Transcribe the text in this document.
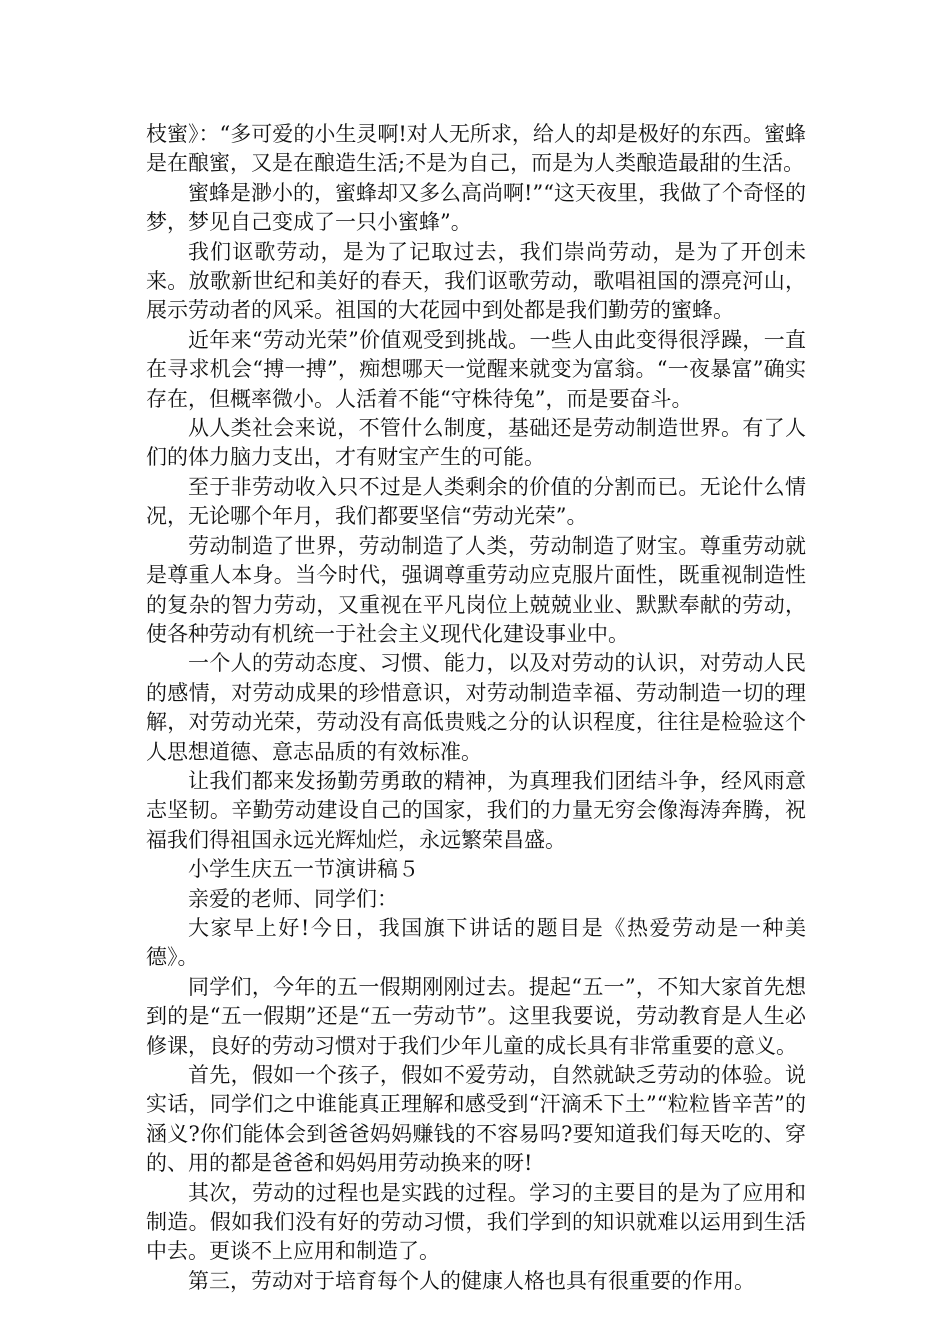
枝蜜》：“多可爱的小生灵啊!对人无所求，给人的却是极好的东西。蜜蜂是在酿蜜，又是在酿造生活;不是为自己，而是为人类酿造最甜的生活。

蜜蜂是渺小的，蜜蜂却又多么高尚啊!”“这天夜里，我做了个奇怪的梦，梦见自己变成了一只小蜜蜂”。

我们讴歌劳动，是为了记取过去，我们崇尚劳动，是为了开创未来。放歌新世纪和美好的春天，我们讴歌劳动，歌唱祖国的漂亮河山，展示劳动者的风采。祖国的大花园中到处都是我们勤劳的蜜蜂。

近年来“劳动光荣”价值观受到挑战。一些人由此变得很浮躁，一直在寻求机会“搏一搏”，痴想哪天一觉醒来就变为富翁。“一夜暴富”确实存在，但概率微小。人活着不能“守株待兔”，而是要奋斗。

从人类社会来说，不管什么制度，基础还是劳动制造世界。有了人们的体力脑力支出，才有财宝产生的可能。

至于非劳动收入只不过是人类剩余的价值的分割而已。无论什么情况，无论哪个年月，我们都要坚信“劳动光荣”。

劳动制造了世界，劳动制造了人类，劳动制造了财宝。尊重劳动就是尊重人本身。当今时代，强调尊重劳动应克服片面性，既重视制造性的复杂的智力劳动，又重视在平凡岗位上兢兢业业、默默奉献的劳动，使各种劳动有机统一于社会主义现代化建设事业中。

一个人的劳动态度、习惯、能力，以及对劳动的认识，对劳动人民的感情，对劳动成果的珍惜意识，对劳动制造幸福、劳动制造一切的理解，对劳动光荣，劳动没有高低贵贱之分的认识程度，往往是检验这个人思想道德、意志品质的有效标准。

让我们都来发扬勤劳勇敢的精神，为真理我们团结斗争，经风雨意志坚韧。辛勤劳动建设自己的国家，我们的力量无穷会像海涛奔腾，祝福我们得祖国永远光辉灿烂，永远繁荣昌盛。

小学生庆五一节演讲稿５

亲爱的老师、同学们：

大家早上好!今日，我国旗下讲话的题目是《热爱劳动是一种美德》。

同学们，今年的五一假期刚刚过去。提起“五一”，不知大家首先想到的是“五一假期”还是“五一劳动节”。这里我要说，劳动教育是人生必修课，良好的劳动习惯对于我们少年儿童的成长具有非常重要的意义。

首先，假如一个孩子，假如不爱劳动，自然就缺乏劳动的体验。说实话，同学们之中谁能真正理解和感受到“汗滴禾下土”“粒粒皆辛苦”的涵义?你们能体会到爸爸妈妈赚钱的不容易吗?要知道我们每天吃的、穿的、用的都是爸爸和妈妈用劳动换来的呀!

其次，劳动的过程也是实践的过程。学习的主要目的是为了应用和制造。假如我们没有好的劳动习惯，我们学到的知识就难以运用到生活中去。更谈不上应用和制造了。

第三，劳动对于培育每个人的健康人格也具有很重要的作用。
